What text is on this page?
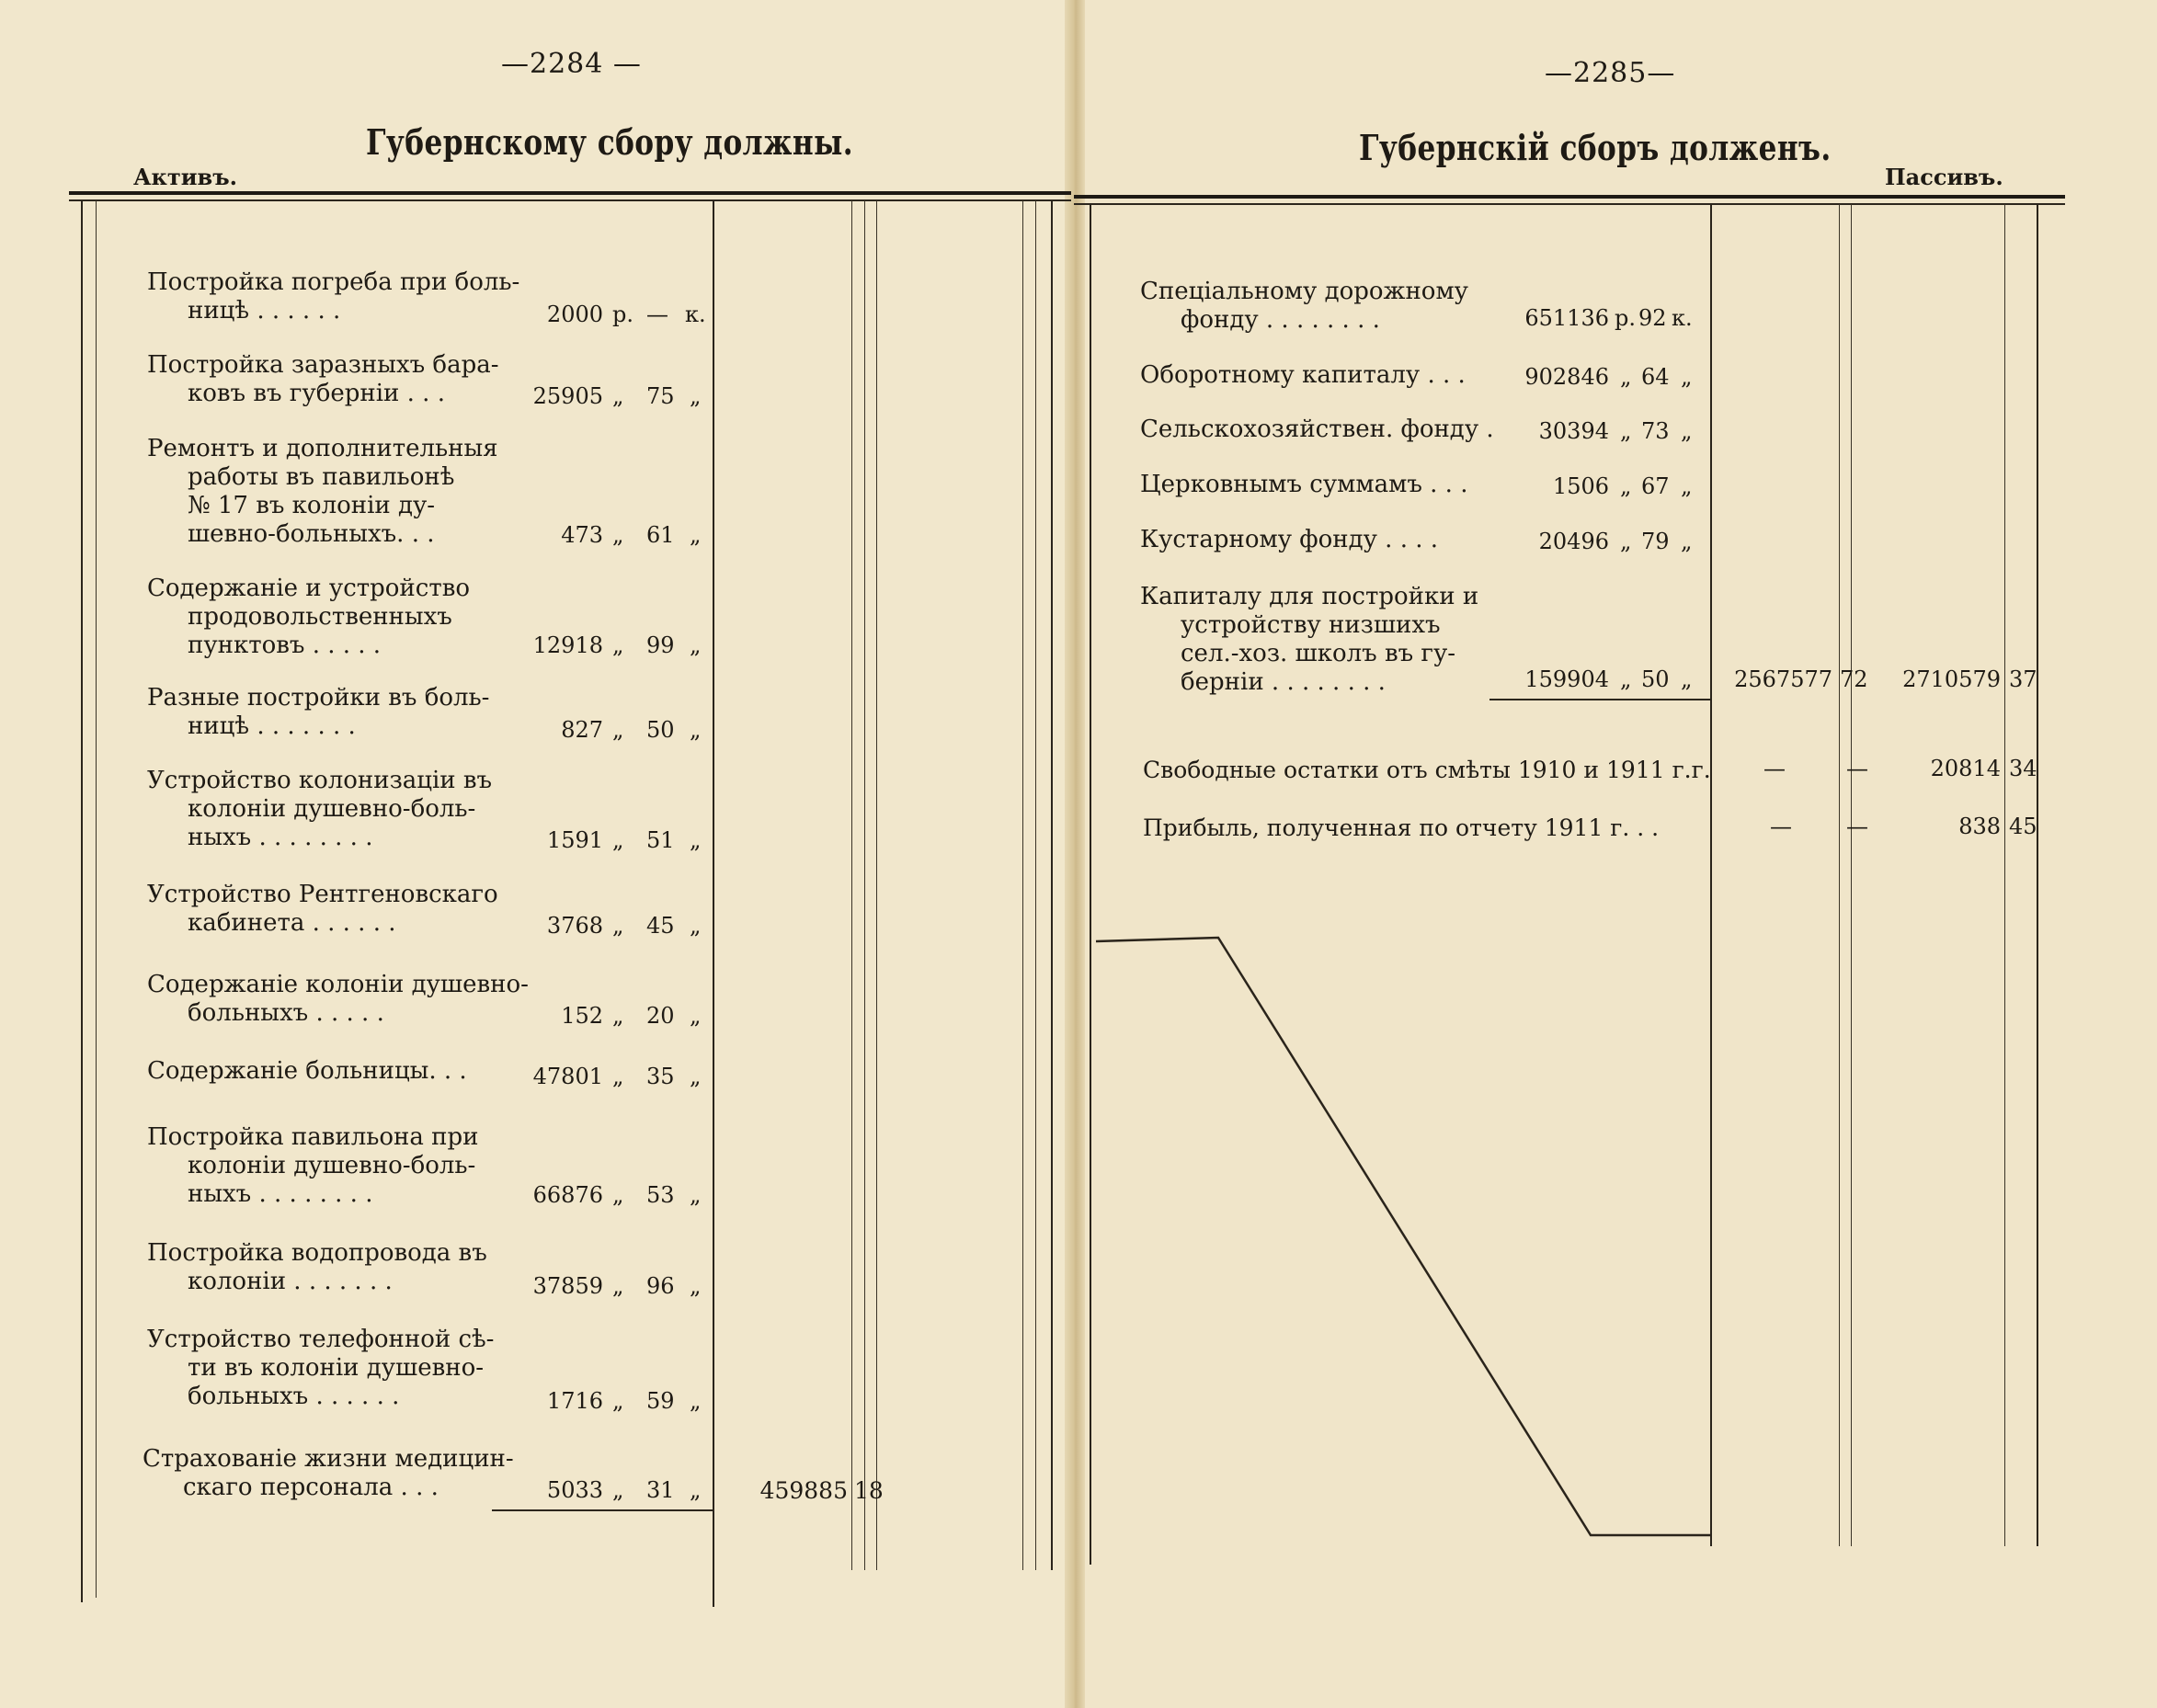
—2284 —
Губернскому сбору должны.
Активъ.
—2285—
Губернскiй сборъ долженъ.
Пассивъ.
Постройка погреба при боль-
ницѣ . . . . . .	2000 р. — к.
Постройка заразныхъ бара-
ковъ въ губернiи . . .	25905 „ 75 „
Ремонтъ и дополнительныя
работы въ павильонѣ
№ 17 въ колонiи ду-
шевно-больныхъ. . .	473 „ 61 „
Содержанiе и устройство
продовольственныхъ
пунктовъ . . . . .	12918 „ 99 „
Разные постройки въ боль-
ницѣ . . . . . . .	827 „ 50 „
Устройство колонизацiи въ
колонiи душевно-боль-
ныхъ . . . . . . . .	1591 „ 51 „
Устройство Рентгеновскаго
кабинета . . . . . .	3768 „ 45 „
Содержанiе колонiи душевно-
больныхъ . . . . .	152 „ 20 „
Содержанiе больницы. . .	47801 „ 35 „
Постройка павильона при
колонiи душевно-боль-
ныхъ . . . . . . . .	66876 „ 53 „
Постройка водопровода въ
колонiи . . . . . . .	37859 „ 96 „
Устройство телефонной сѣ-
ти въ колонiи душевно-
больныхъ . . . . . .	1716 „ 59 „
Страхованiе жизни медицин-
скаго персонала . . .	5033 „ 31 „	459885 18
Спецiальному дорожному
фонду . . . . . . . .	651136 р. 92 к.
Оборотному капиталу . . .	902846 „ 64 „
Сельскохозяйствен. фонду .	30394 „ 73 „
Церковнымъ суммамъ . . .	1506 „ 67 „
Кустарному фонду . . . .	20496 „ 79 „
Капиталу для постройки и
устройству низшихъ
сел.-хоз. школъ въ гу-
бернiи . . . . . . . .	159904 „ 50 „	2567577 72	2710579 37
Свободные остатки отъ смѣты 1910 и 1911 г.г. —	—	20814 34
Прибыль, полученная по отчету 1911 г. . .	— —	838 45
